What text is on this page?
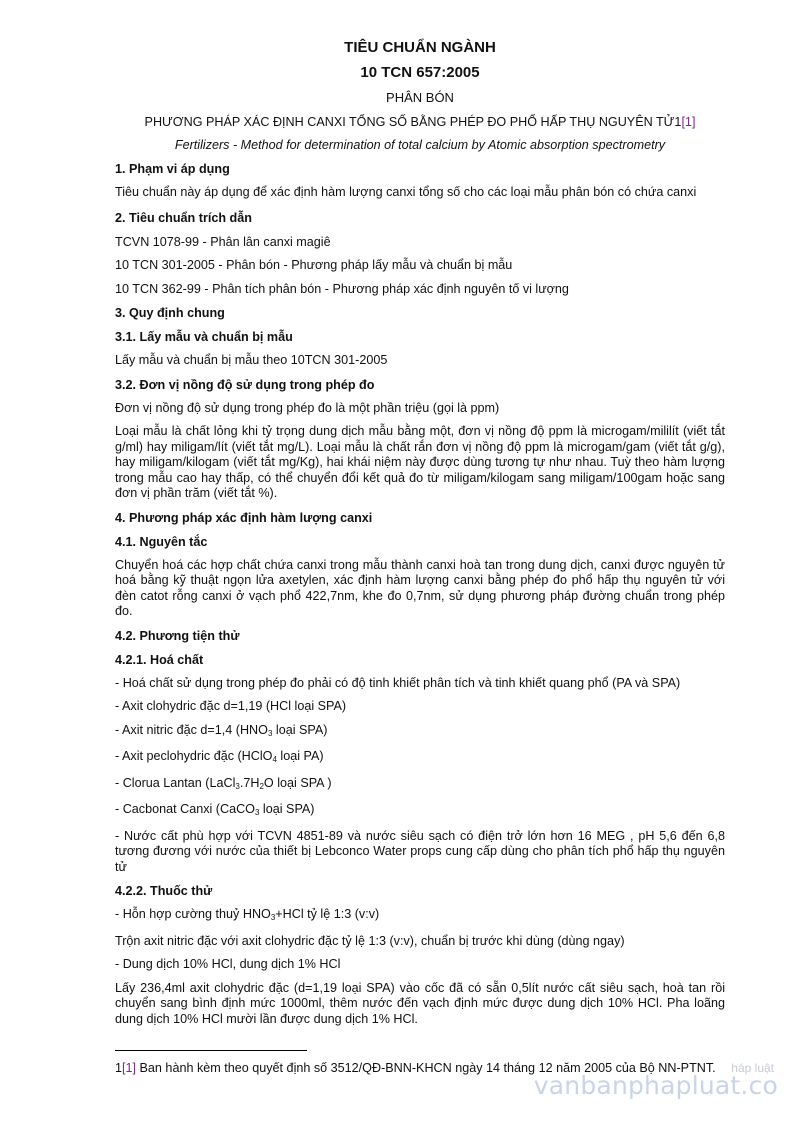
TIÊU CHUẨN NGÀNH
10 TCN 657:2005
PHÂN BÓN
PHƯƠNG PHÁP XÁC ĐỊNH CANXI TỔNG SỐ BẰNG PHÉP ĐO PHỔ HẤP THỤ NGUYÊN TỬ1[1]
Fertilizers - Method for determination of total calcium by Atomic absorption spectrometry
1. Phạm vi áp dụng
Tiêu chuẩn này áp dụng để xác định hàm lượng canxi tổng số cho các loại mẫu phân bón có chứa canxi
2. Tiêu chuẩn trích dẫn
TCVN 1078-99 - Phân lân canxi magiê
10 TCN 301-2005 - Phân bón - Phương pháp lấy mẫu và chuẩn bị mẫu
10 TCN 362-99 - Phân tích phân bón - Phương pháp xác định nguyên tố vi lượng
3. Quy định chung
3.1. Lấy mẫu và chuẩn bị mẫu
Lấy mẫu và chuẩn bị mẫu theo 10TCN 301-2005
3.2. Đơn vị nồng độ sử dụng trong phép đo
Đơn vị nồng độ sử dụng trong phép đo là một phần triệu (gọi là ppm)
Loại mẫu là chất lỏng khi tỷ trọng dung dịch mẫu bằng một, đơn vị nồng độ ppm là microgam/mililít (viết tắt g/ml) hay miligam/lít (viết tắt mg/L). Loại mẫu là chất rắn đơn vị nồng độ ppm là microgam/gam (viết tắt g/g), hay miligam/kilogam (viết tắt mg/Kg), hai khái niệm này được dùng tương tự như nhau. Tuỳ theo hàm lượng trong mẫu cao hay thấp, có thể chuyển đổi kết quả đo từ miligam/kilogam sang miligam/100gam hoặc sang đơn vị phần trăm (viết tắt %).
4. Phương pháp xác định hàm lượng canxi
4.1. Nguyên tắc
Chuyển hoá các hợp chất chứa canxi trong mẫu thành canxi hoà tan trong dung dịch, canxi được nguyên tử hoá bằng kỹ thuật ngọn lửa axetylen, xác định hàm lượng canxi bằng phép đo phổ hấp thụ nguyên tử với đèn catot rỗng canxi ở vạch phổ 422,7nm, khe đo 0,7nm, sử dụng phương pháp đường chuẩn trong phép đo.
4.2. Phương tiện thử
4.2.1. Hoá chất
- Hoá chất sử dụng trong phép đo phải có độ tinh khiết phân tích và tinh khiết quang phổ (PA và SPA)
- Axit clohydric đặc d=1,19 (HCl loại SPA)
- Axit nitric đặc d=1,4 ($HNO_3$ loại SPA)
- Axit peclohydric đặc (HClO$_4$ loại PA)
- Clorua Lantan ($LaCl_3.7H_2O$ loại SPA )
- Cacbonat Canxi (CaCO$_3$ loại SPA)
- Nước cất phù hợp với TCVN 4851-89 và nước siêu sạch có điện trở lớn hơn 16 MEG , pH 5,6 đến 6,8 tương đương với nước của thiết bị Lebconco Water props cung cấp dùng cho phân tích phổ hấp thụ nguyên tử
4.2.2. Thuốc thử
- Hỗn hợp cường thuỷ $HNO_3+HCl$ tỷ lệ 1:3 (v:v)
Trộn axit nitric đặc với axit clohydric đặc tỷ lệ 1:3 (v:v), chuẩn bị trước khi dùng (dùng ngay)
- Dung dịch 10% HCl, dung dịch 1% HCl
Lấy 236,4ml axit clohydric đặc (d=1,19 loại SPA) vào cốc đã có sẵn 0,5lít nước cất siêu sạch, hoà tan rồi chuyển sang bình định mức 1000ml, thêm nước đến vạch định mức được dung dịch 10% HCl. Pha loãng dung dịch 10% HCl mười lần được dung dịch 1% HCl.
1[1] Ban hành kèm theo quyết định số 3512/QĐ-BNN-KHCN ngày 14 tháng 12 năm 2005 của Bộ NN-PTNT.	háp luật
vanbanphapluat.co
